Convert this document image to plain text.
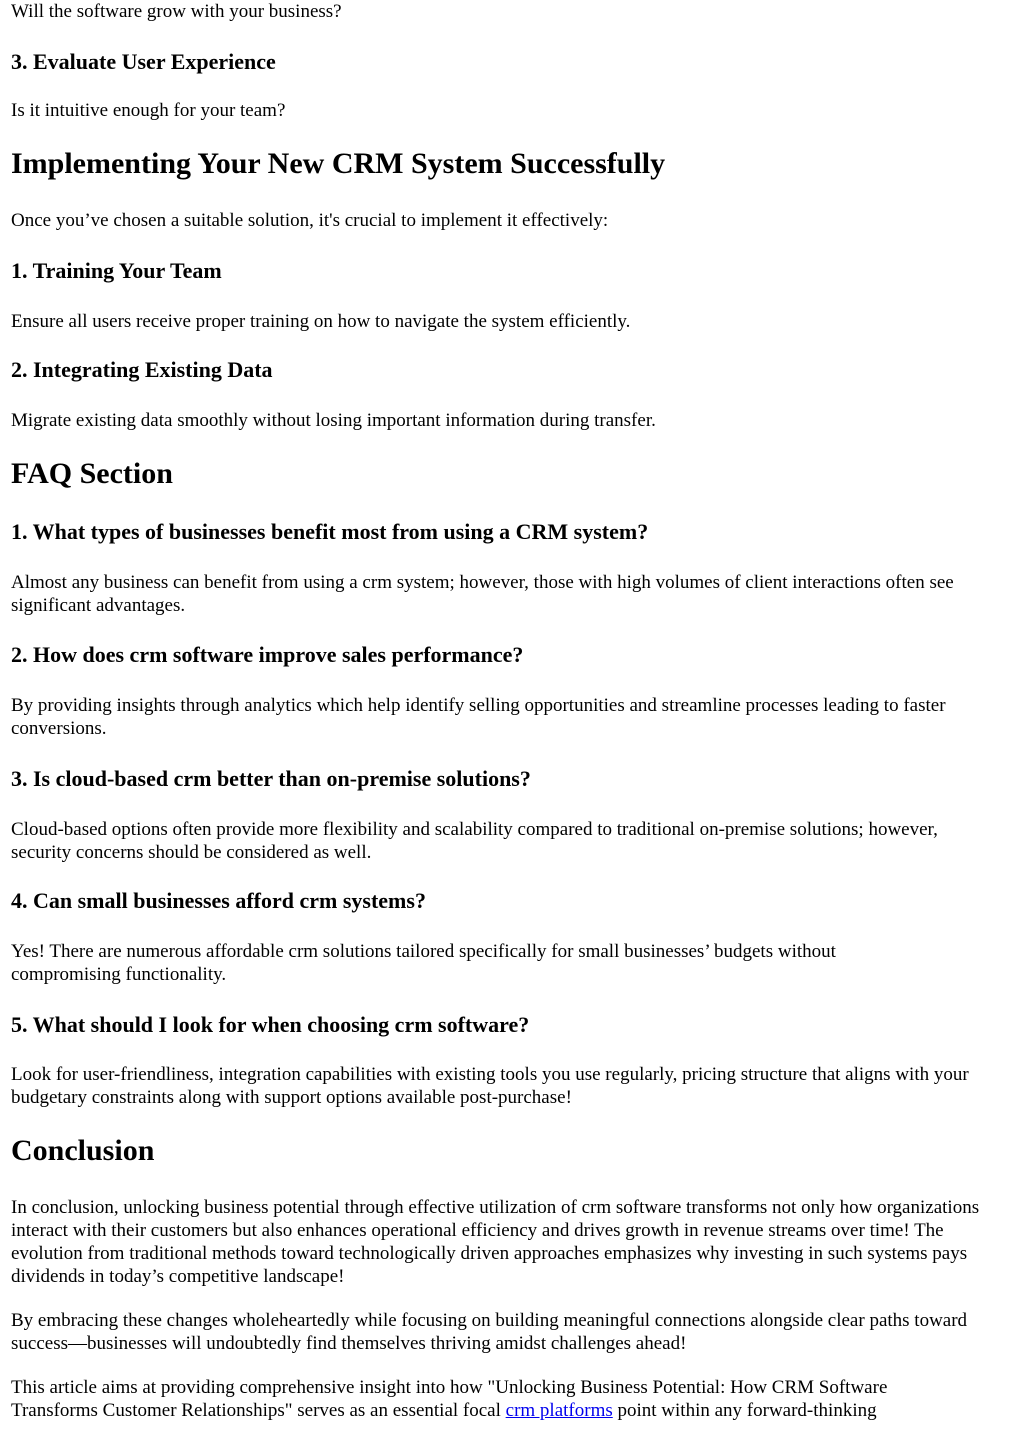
Will the software grow with your business?

3. Evaluate User Experience

Is it intuitive enough for your team?

Implementing Your New CRM System Successfully

Once you’ve chosen a suitable solution, it's crucial to implement it effectively:

1. Training Your Team

Ensure all users receive proper training on how to navigate the system efficiently.

2. Integrating Existing Data

Migrate existing data smoothly without losing important information during transfer.

FAQ Section
1. What types of businesses benefit most from using a CRM system?

Almost any business can benefit from using a crm system; however, those with high volumes of client interactions often see significant advantages.

2. How does crm software improve sales performance?

By providing insights through analytics which help identify selling opportunities and streamline processes leading to faster conversions.

3. Is cloud-based crm better than on-premise solutions?

Cloud-based options often provide more flexibility and scalability compared to traditional on-premise solutions; however, security concerns should be considered as well.

4. Can small businesses afford crm systems?

Yes! There are numerous affordable crm solutions tailored specifically for small businesses’ budgets without compromising functionality.

5. What should I look for when choosing crm software?

Look for user-friendliness, integration capabilities with existing tools you use regularly, pricing structure that aligns with your budgetary constraints along with support options available post-purchase!

Conclusion

In conclusion, unlocking business potential through effective utilization of crm software transforms not only how organizations interact with their customers but also enhances operational efficiency and drives growth in revenue streams over time! The evolution from traditional methods toward technologically driven approaches emphasizes why investing in such systems pays dividends in today’s competitive landscape!

By embracing these changes wholeheartedly while focusing on building meaningful connections alongside clear paths toward success—businesses will undoubtedly find themselves thriving amidst challenges ahead!

This article aims at providing comprehensive insight into how "Unlocking Business Potential: How CRM Software Transforms Customer Relationships" serves as an essential focal crm platforms point within any forward-thinking
